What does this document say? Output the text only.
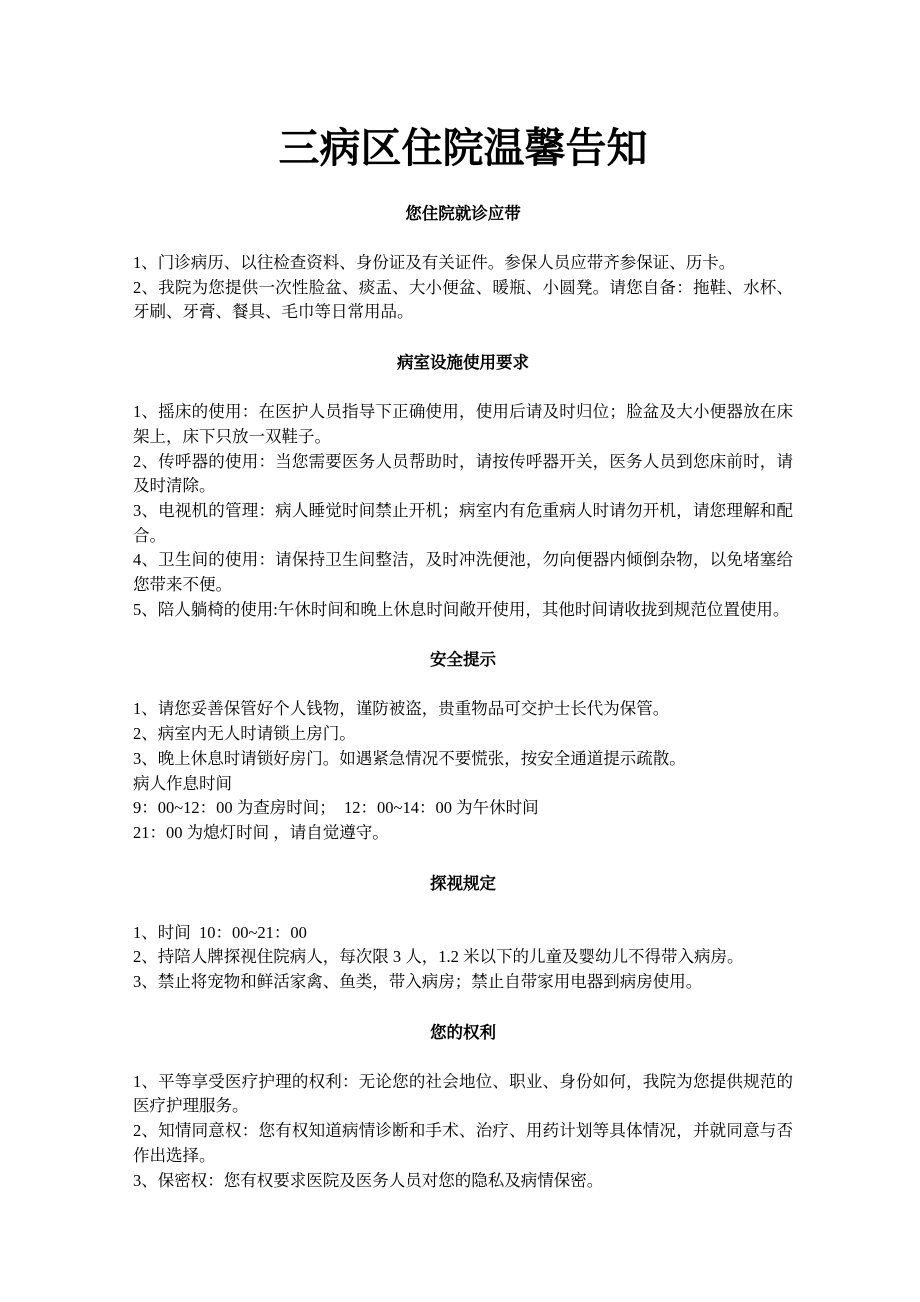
三病区住院温馨告知
您住院就诊应带

1、门诊病历、以往检查资料、身份证及有关证件。参保人员应带齐参保证、历卡。

2、我院为您提供一次性脸盆、痰盂、大小便盆、暖瓶、小圆凳。请您自备：拖鞋、水杯、牙刷、牙膏、餐具、毛巾等日常用品。

病室设施使用要求

1、摇床的使用：在医护人员指导下正确使用，使用后请及时归位；脸盆及大小便器放在床架上，床下只放一双鞋子。

2、传呼器的使用：当您需要医务人员帮助时，请按传呼器开关，医务人员到您床前时，请及时清除。

3、电视机的管理：病人睡觉时间禁止开机；病室内有危重病人时请勿开机，请您理解和配合。

4、卫生间的使用：请保持卫生间整洁，及时冲洗便池，勿向便器内倾倒杂物，以免堵塞给您带来不便。

5、陪人躺椅的使用:午休时间和晚上休息时间敞开使用，其他时间请收拢到规范位置使用。

安全提示

1、请您妥善保管好个人钱物，谨防被盗，贵重物品可交护士长代为保管。

2、病室内无人时请锁上房门。

3、晚上休息时请锁好房门。如遇紧急情况不要慌张，按安全通道提示疏散。

病人作息时间

9：00~12：00 为查房时间；  12：00~14：00 为午休时间

21：00 为熄灯时间 ，请自觉遵守。

探视规定

1、时间  10：00~21：00

2、持陪人牌探视住院病人，每次限 3 人，1.2 米以下的儿童及婴幼儿不得带入病房。

3、禁止将宠物和鲜活家禽、鱼类，带入病房；禁止自带家用电器到病房使用。

您的权利

1、平等享受医疗护理的权利：无论您的社会地位、职业、身份如何，我院为您提供规范的医疗护理服务。

2、知情同意权：您有权知道病情诊断和手术、治疗、用药计划等具体情况，并就同意与否作出选择。

3、保密权：您有权要求医院及医务人员对您的隐私及病情保密。
